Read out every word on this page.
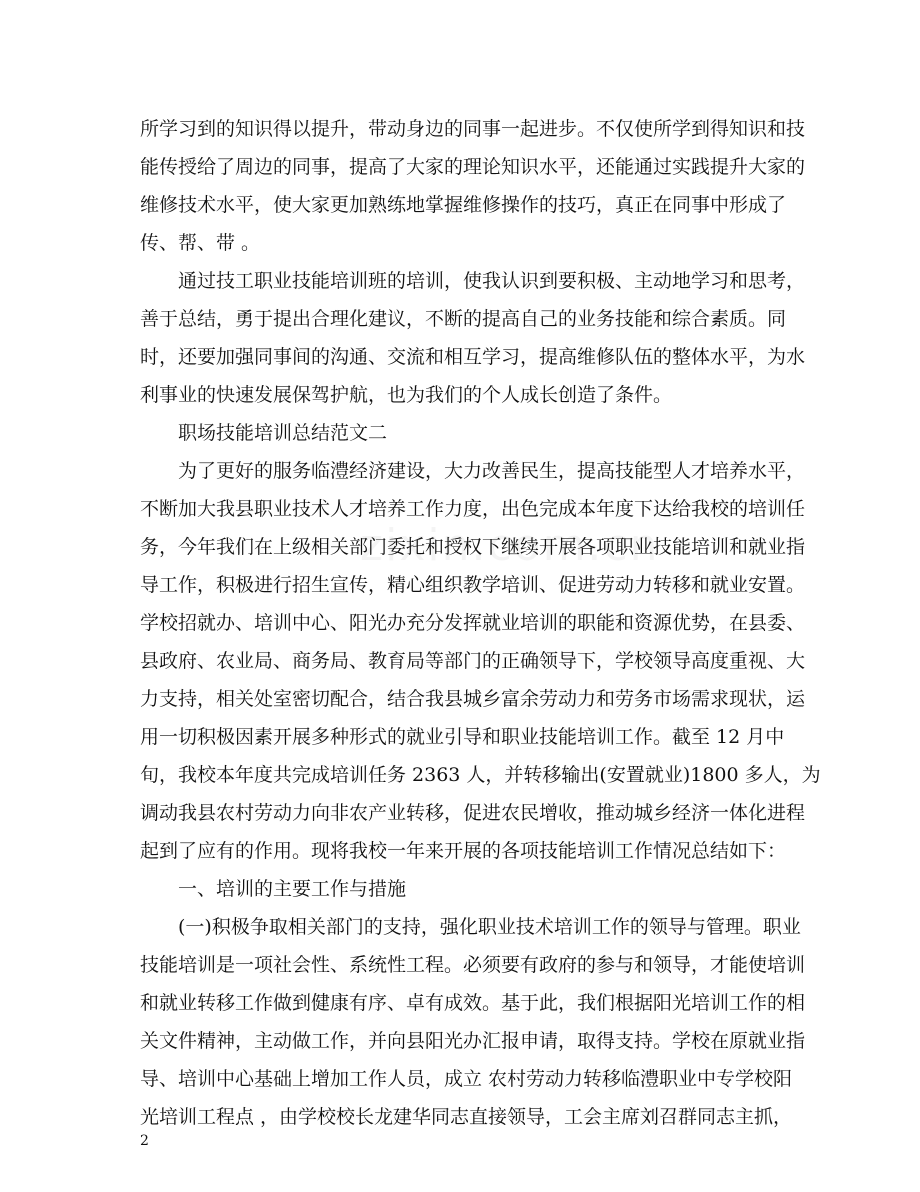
所学习到的知识得以提升，带动身边的同事一起进步。不仅使所学到得知识和技
能传授给了周边的同事，提高了大家的理论知识水平，还能通过实践提升大家的
维修技术水平，使大家更加熟练地掌握维修操作的技巧，真正在同事中形成了
传、帮、带 。
通过技工职业技能培训班的培训，使我认识到要积极、主动地学习和思考，
善于总结，勇于提出合理化建议，不断的提高自己的业务技能和综合素质。同
时，还要加强同事间的沟通、交流和相互学习，提高维修队伍的整体水平，为水
利事业的快速发展保驾护航，也为我们的个人成长创造了条件。
职场技能培训总结范文二
为了更好的服务临澧经济建设，大力改善民生，提高技能型人才培养水平，
不断加大我县职业技术人才培养工作力度，出色完成本年度下达给我校的培训任
务，今年我们在上级相关部门委托和授权下继续开展各项职业技能培训和就业指
导工作，积极进行招生宣传，精心组织教学培训、促进劳动力转移和就业安置。
学校招就办、培训中心、阳光办充分发挥就业培训的职能和资源优势，在县委、
县政府、农业局、商务局、教育局等部门的正确领导下，学校领导高度重视、大
力支持，相关处室密切配合，结合我县城乡富余劳动力和劳务市场需求现状，运
用一切积极因素开展多种形式的就业引导和职业技能培训工作。截至 12 月中
旬，我校本年度共完成培训任务 2363 人，并转移输出(安置就业)1800 多人，为
调动我县农村劳动力向非农产业转移，促进农民增收，推动城乡经济一体化进程
起到了应有的作用。现将我校一年来开展的各项技能培训工作情况总结如下：
一、培训的主要工作与措施
(一)积极争取相关部门的支持，强化职业技术培训工作的领导与管理。职业
技能培训是一项社会性、系统性工程。必须要有政府的参与和领导，才能使培训
和就业转移工作做到健康有序、卓有成效。基于此，我们根据阳光培训工作的相
关文件精神，主动做工作，并向县阳光办汇报申请，取得支持。学校在原就业指
导、培训中心基础上增加工作人员，成立 农村劳动力转移临澧职业中专学校阳
光培训工程点 ，由学校校长龙建华同志直接领导，工会主席刘召群同志主抓，
2
